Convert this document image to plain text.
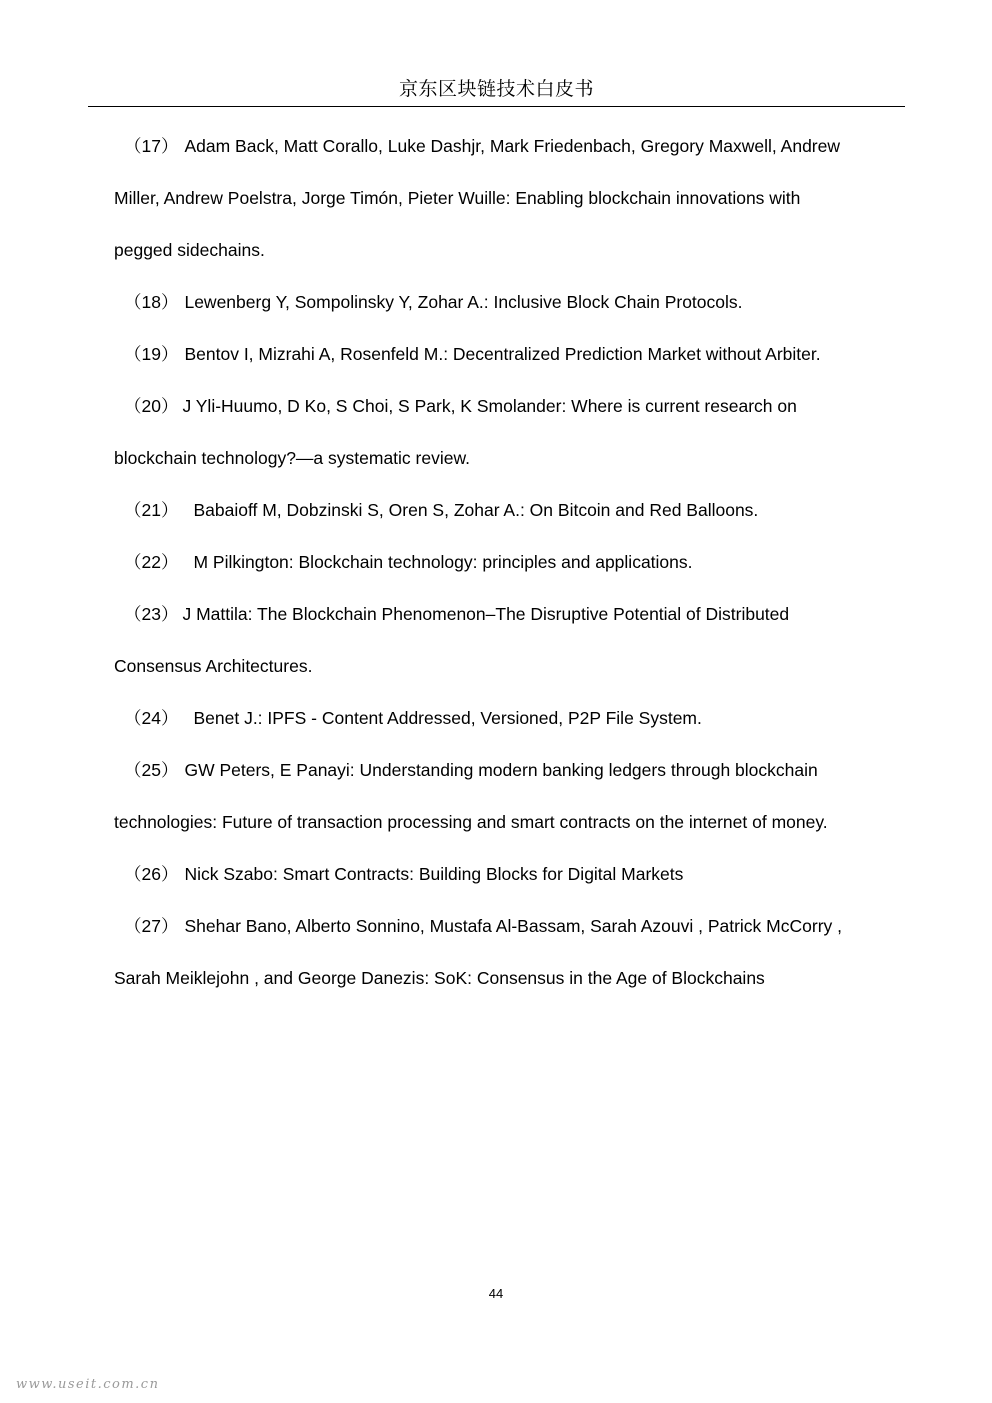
京东区块链技术白皮书
（17） Adam Back, Matt Corallo, Luke Dashjr, Mark Friedenbach, Gregory Maxwell, Andrew
Miller, Andrew Poelstra, Jorge Timón, Pieter Wuille: Enabling blockchain innovations with
pegged sidechains.
（18） Lewenberg Y, Sompolinsky Y, Zohar A.: Inclusive Block Chain Protocols.
（19） Bentov I, Mizrahi A, Rosenfeld M.: Decentralized Prediction Market without Arbiter.
（20） J Yli-Huumo, D Ko, S Choi, S Park, K Smolander: Where is current research on
blockchain technology?—a systematic review.
（21） Babaioff M, Dobzinski S, Oren S, Zohar A.: On Bitcoin and Red Balloons.
（22） M Pilkington: Blockchain technology: principles and applications.
（23） J Mattila: The Blockchain Phenomenon–The Disruptive Potential of Distributed
Consensus Architectures.
（24） Benet J.: IPFS - Content Addressed, Versioned, P2P File System.
（25） GW Peters, E Panayi: Understanding modern banking ledgers through blockchain
technologies: Future of transaction processing and smart contracts on the internet of money.
（26） Nick Szabo: Smart Contracts: Building Blocks for Digital Markets
（27） Shehar Bano, Alberto Sonnino, Mustafa Al-Bassam, Sarah Azouvi , Patrick McCorry ,
Sarah Meiklejohn , and George Danezis: SoK: Consensus in the Age of Blockchains
44
www.useit.com.cn
